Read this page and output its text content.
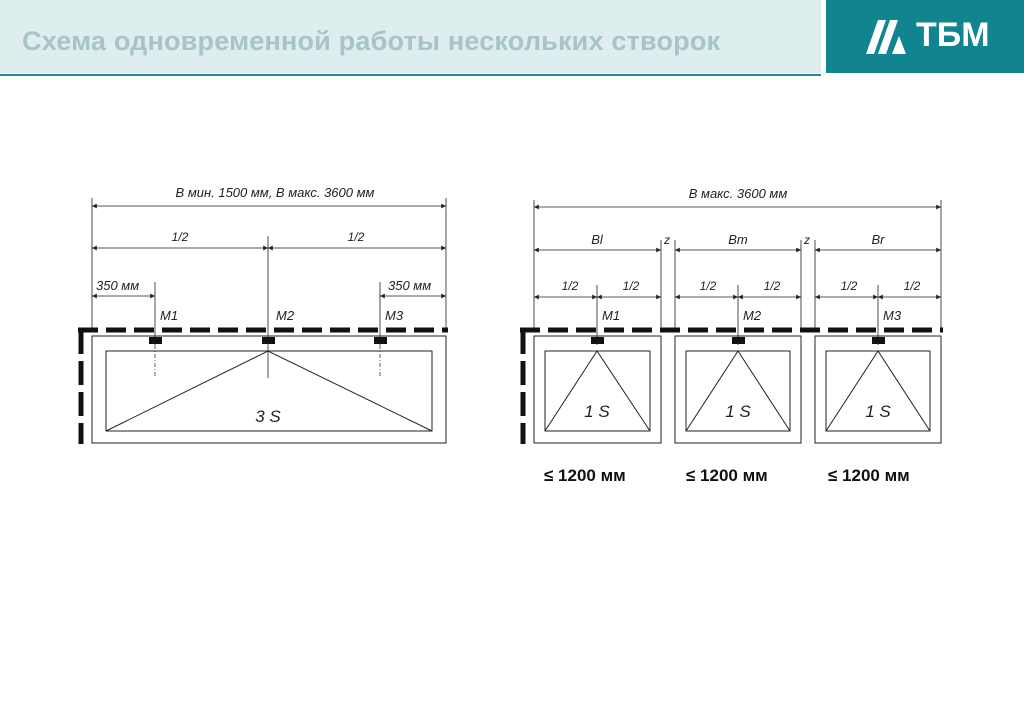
Схема одновременной работы нескольких створок	ТБМ
B мин. 1500 мм, B макс. 3600 мм
1/2	1/2
350 мм	350 мм
M1	M2	M3
3 S
B макс. 3600 мм
Bl	Bm	Br
z	z
1/2	1/2	1/2	1/2	1/2	1/2
M1	M2	M3
1 S	1 S	1 S
≤ 1200 мм	≤ 1200 мм	≤ 1200 мм
